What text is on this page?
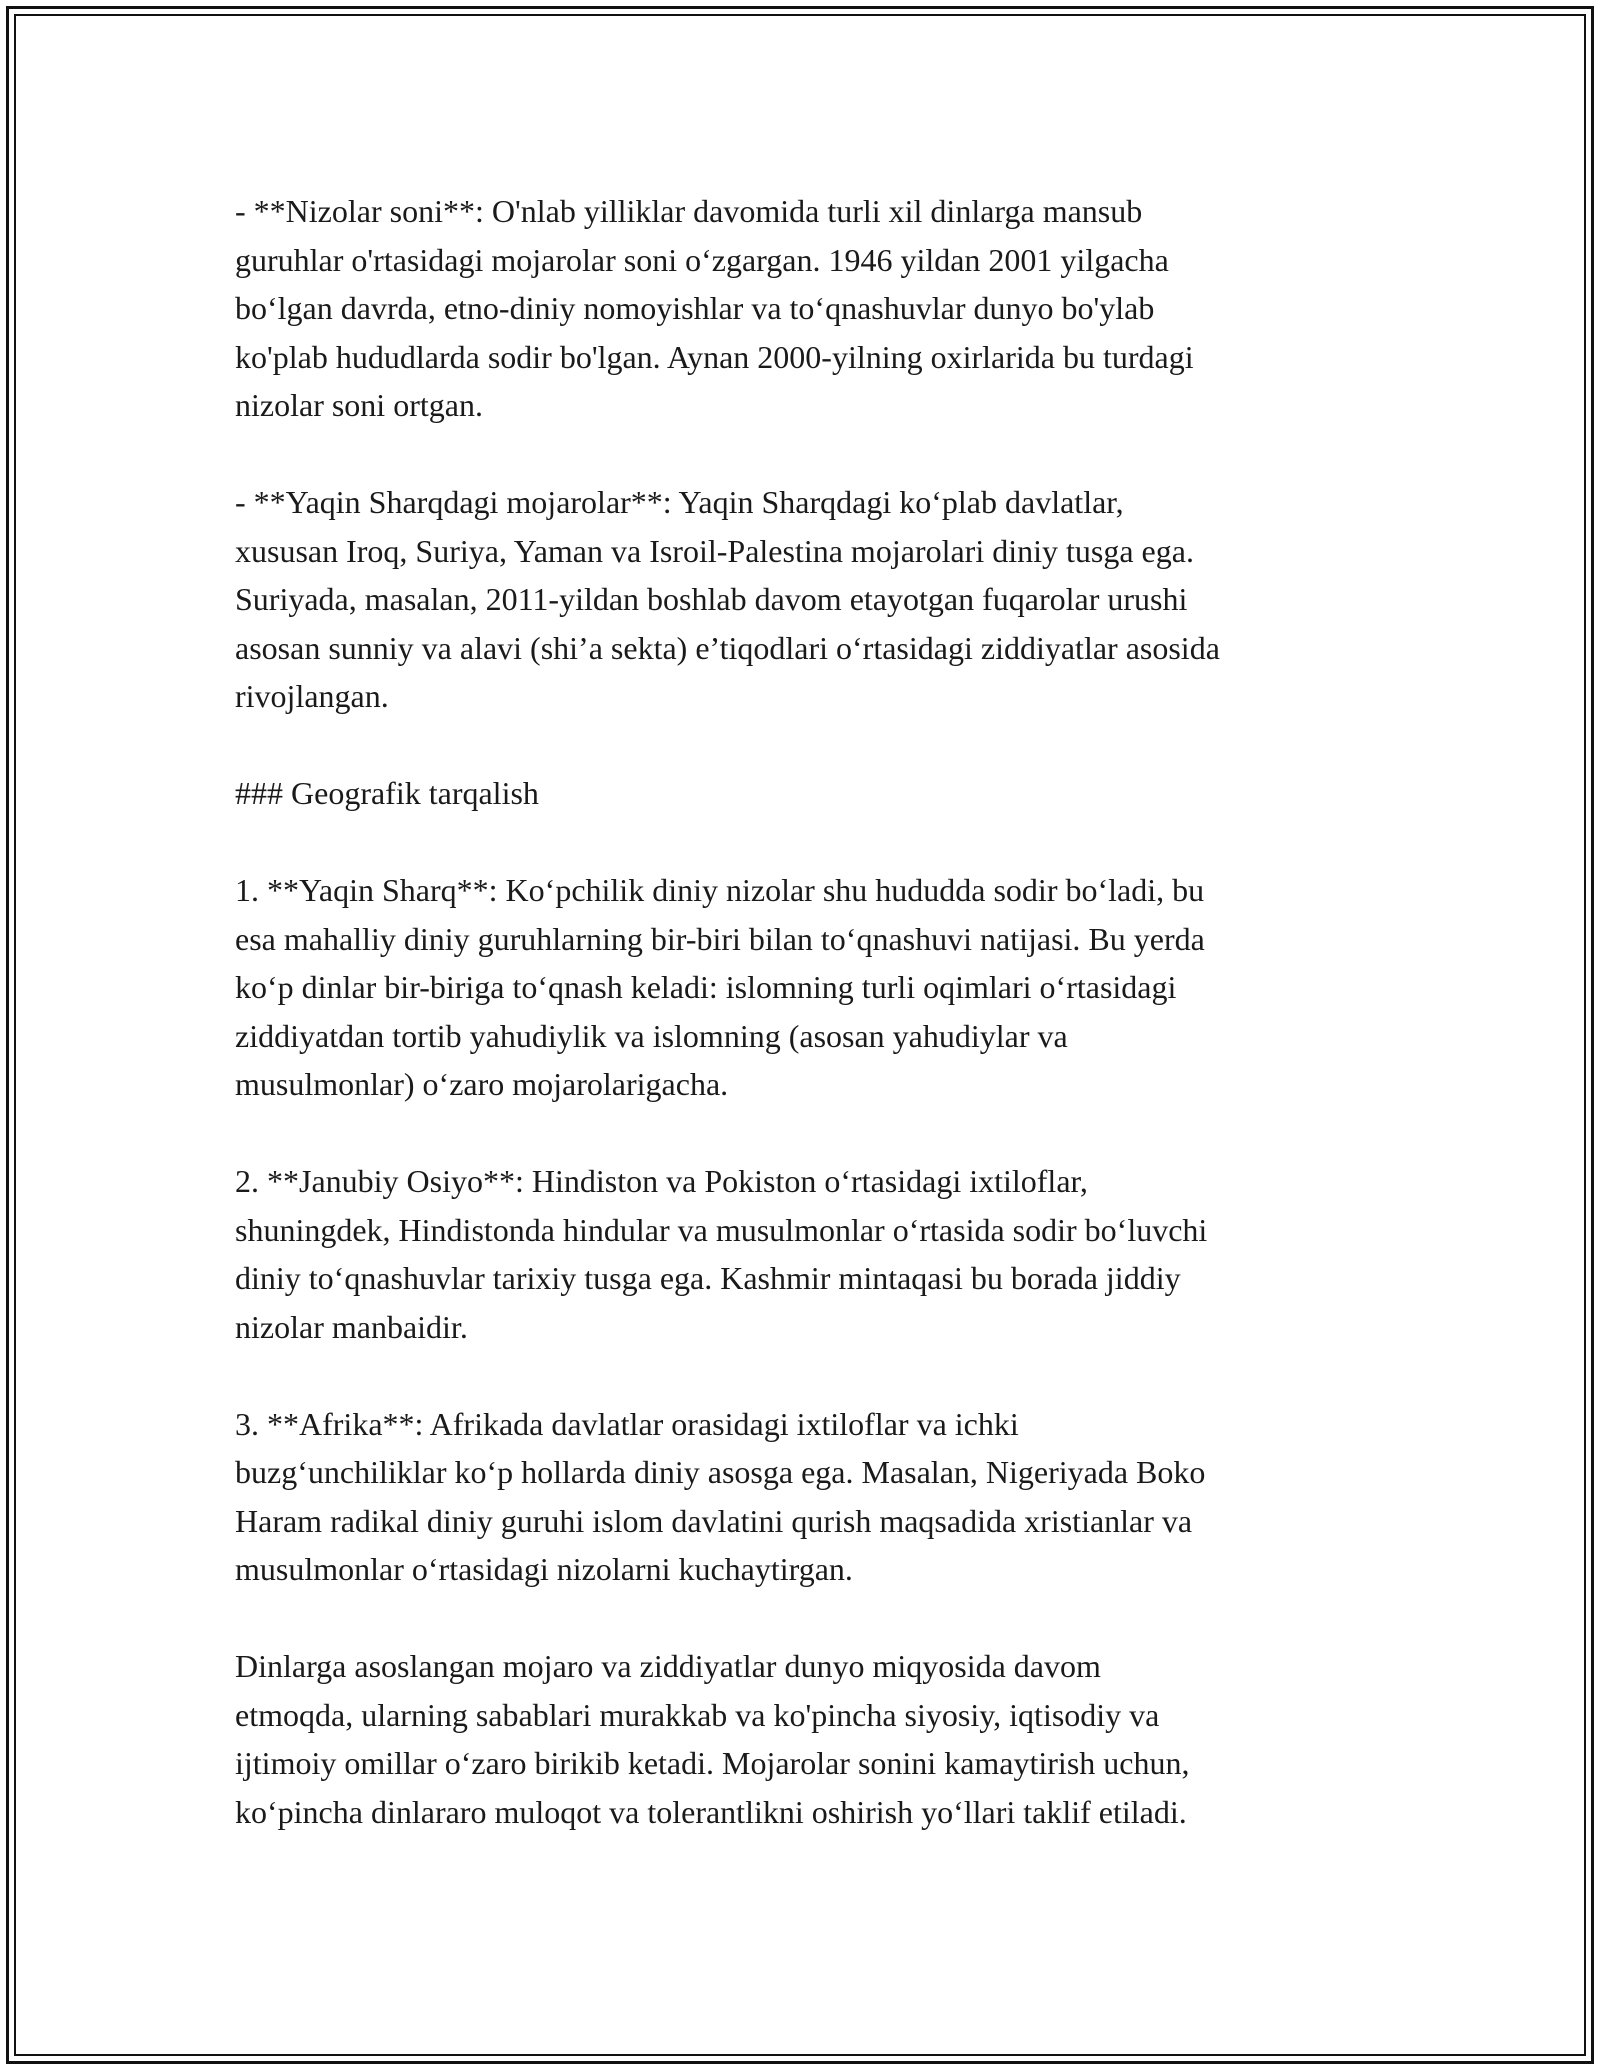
- **Nizolar soni**: O'nlab yilliklar davomida turli xil dinlarga mansub
guruhlar o'rtasidagi mojarolar soni oʻzgargan. 1946 yildan 2001 yilgacha
boʻlgan davrda, etno-diniy nomoyishlar va toʻqnashuvlar dunyo bo'ylab
ko'plab hududlarda sodir bo'lgan. Aynan 2000-yilning oxirlarida bu turdagi
nizolar soni ortgan.

- **Yaqin Sharqdagi mojarolar**: Yaqin Sharqdagi koʻplab davlatlar,
xususan Iroq, Suriya, Yaman va Isroil-Palestina mojarolari diniy tusga ega.
Suriyada, masalan, 2011-yildan boshlab davom etayotgan fuqarolar urushi
asosan sunniy va alavi (shi’a sekta) e’tiqodlari oʻrtasidagi ziddiyatlar asosida
rivojlangan.

### Geografik tarqalish

1. **Yaqin Sharq**: Koʻpchilik diniy nizolar shu hududda sodir boʻladi, bu
esa mahalliy diniy guruhlarning bir-biri bilan toʻqnashuvi natijasi. Bu yerda
koʻp dinlar bir-biriga toʻqnash keladi: islomning turli oqimlari oʻrtasidagi
ziddiyatdan tortib yahudiylik va islomning (asosan yahudiylar va
musulmonlar) oʻzaro mojarolarigacha.

2. **Janubiy Osiyo**: Hindiston va Pokiston oʻrtasidagi ixtiloflar,
shuningdek, Hindistonda hindular va musulmonlar oʻrtasida sodir boʻluvchi
diniy toʻqnashuvlar tarixiy tusga ega. Kashmir mintaqasi bu borada jiddiy
nizolar manbaidir.

3. **Afrika**: Afrikada davlatlar orasidagi ixtiloflar va ichki
buzgʻunchiliklar koʻp hollarda diniy asosga ega. Masalan, Nigeriyada Boko
Haram radikal diniy guruhi islom davlatini qurish maqsadida xristianlar va
musulmonlar oʻrtasidagi nizolarni kuchaytirgan.

Dinlarga asoslangan mojaro va ziddiyatlar dunyo miqyosida davom
etmoqda, ularning sabablari murakkab va ko'pincha siyosiy, iqtisodiy va
ijtimoiy omillar oʻzaro birikib ketadi. Mojarolar sonini kamaytirish uchun,
koʻpincha dinlararo muloqot va tolerantlikni oshirish yoʻllari taklif etiladi.
